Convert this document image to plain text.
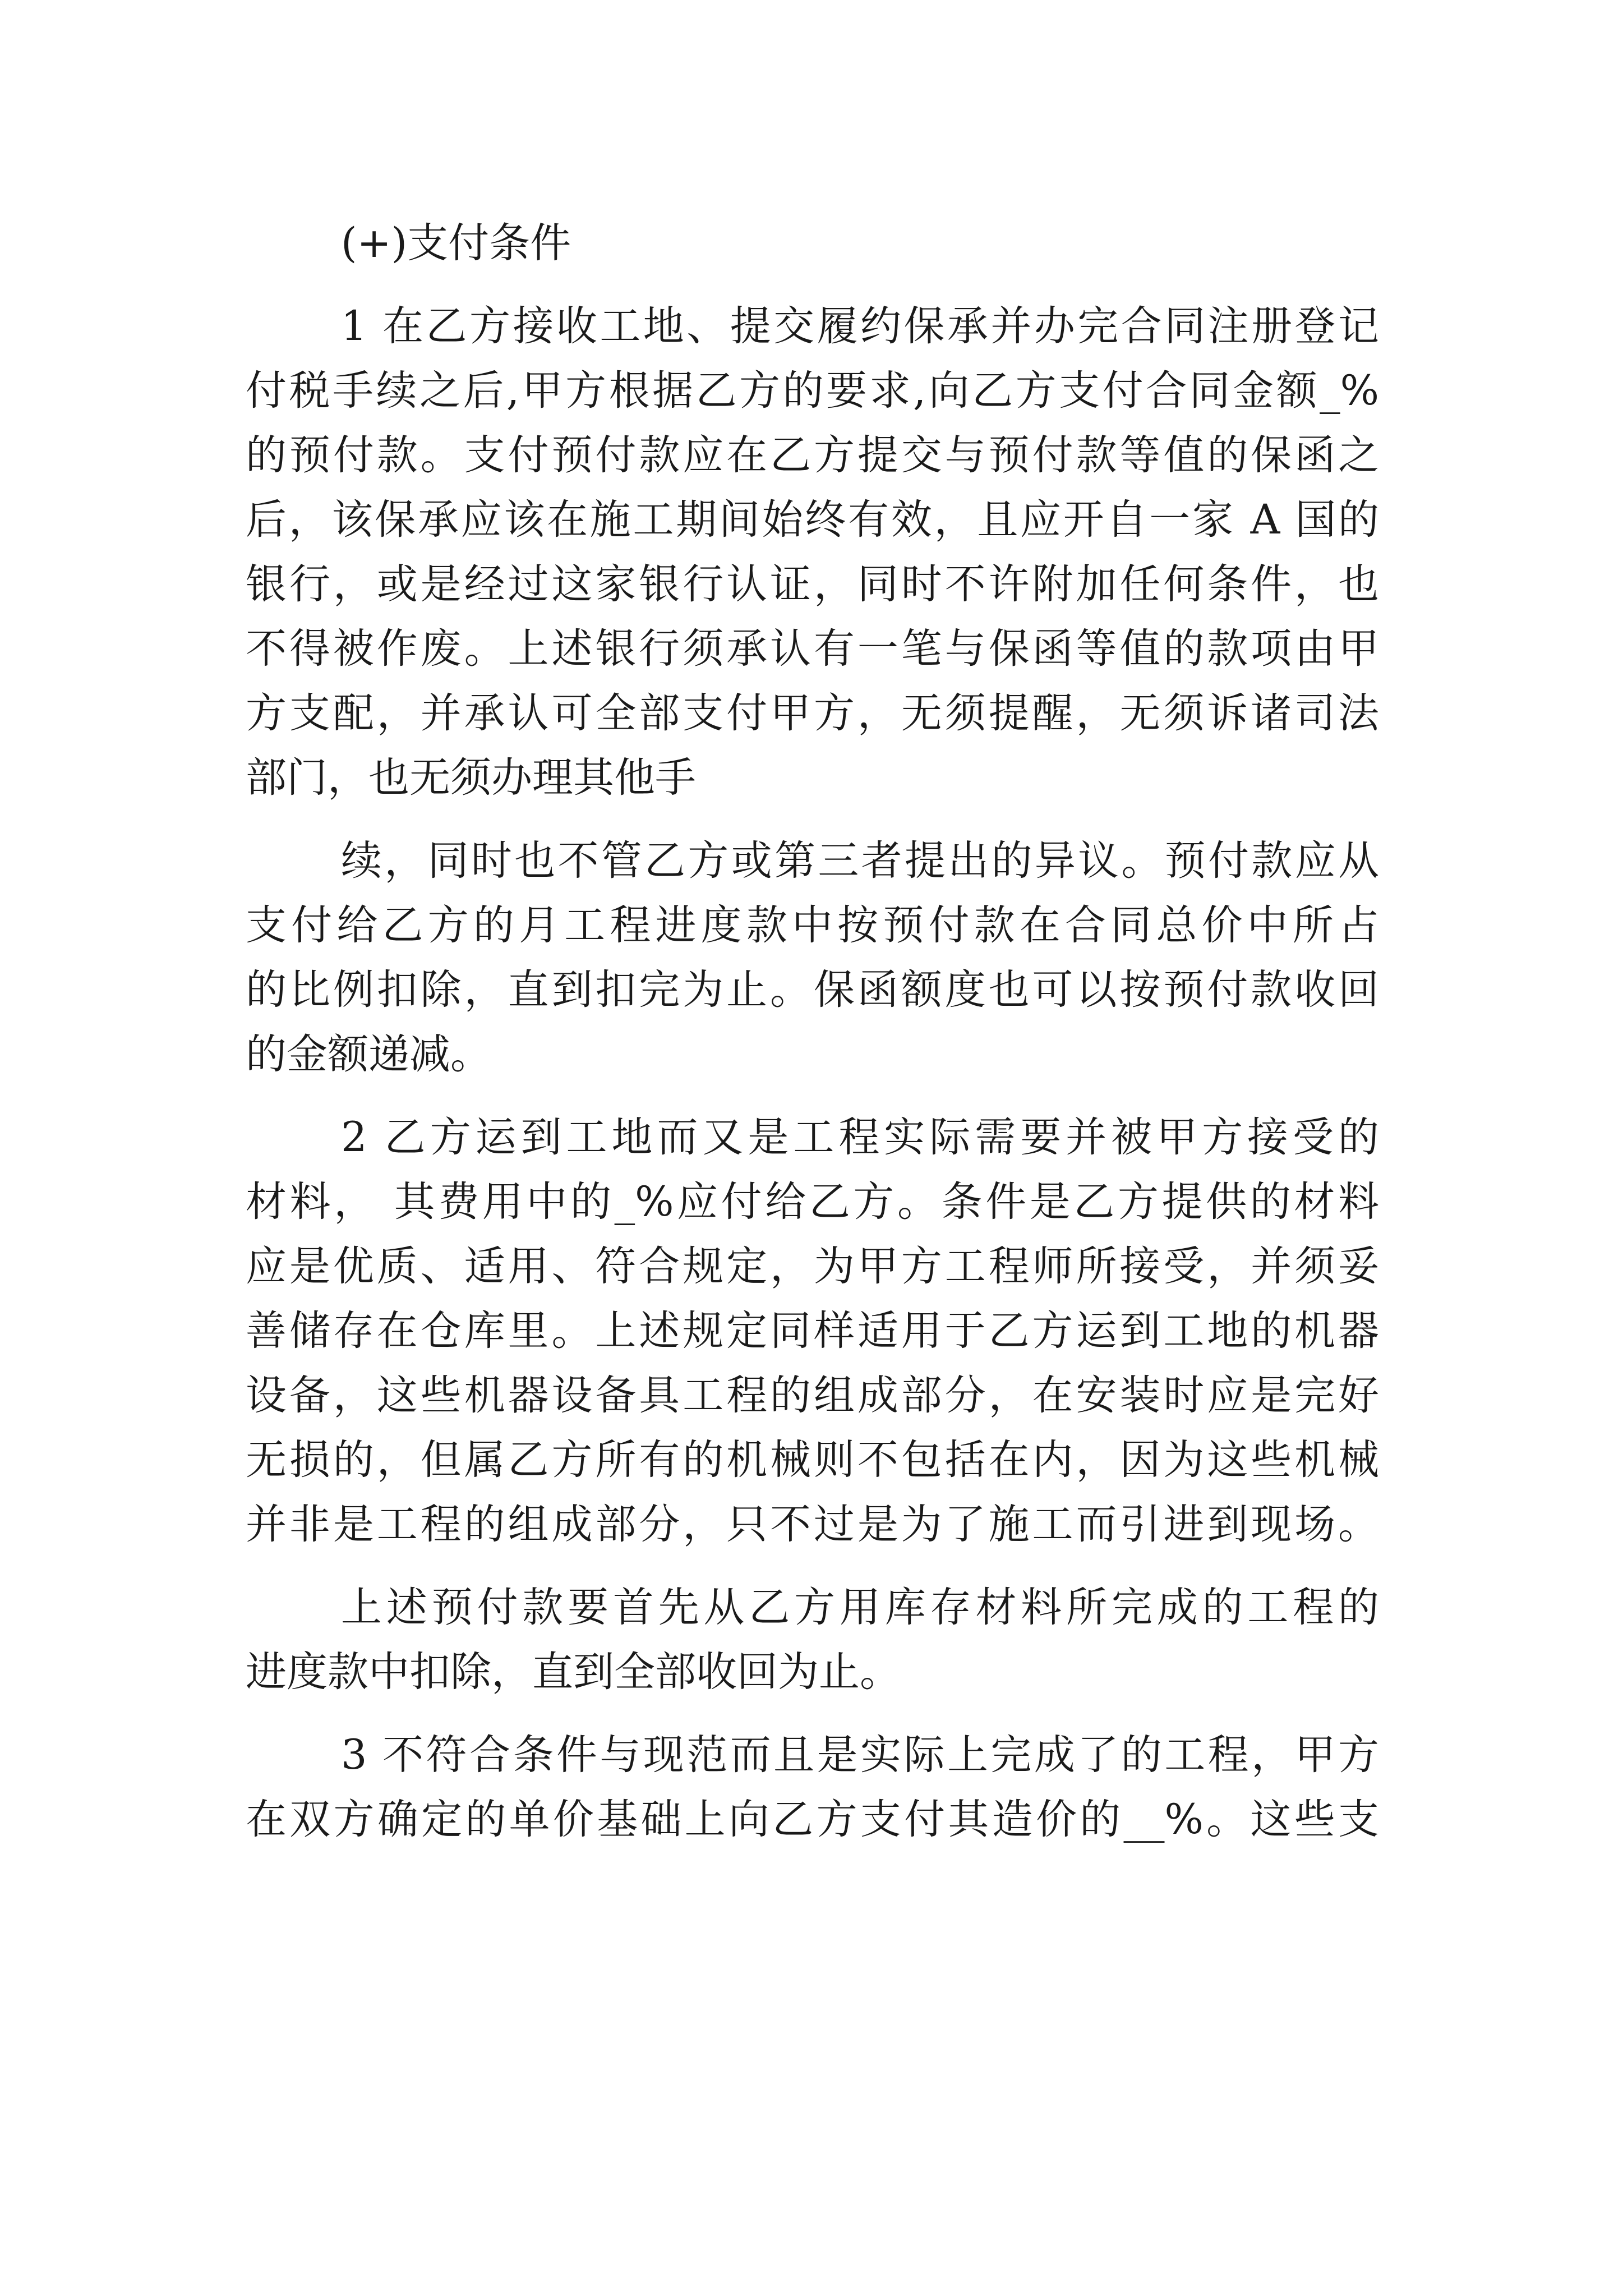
(+)支付条件

1 在乙方接收工地、提交履约保承并办完合同注册登记

付税手续之后,甲方根据乙方的要求,向乙方支付合同金额_%

的预付款。支付预付款应在乙方提交与预付款等值的保函之

后，该保承应该在施工期间始终有效，且应开自一家 A 国的

银行，或是经过这家银行认证，同时不许附加任何条件，也

不得被作废。上述银行须承认有一笔与保函等值的款项由甲

方支配，并承认可全部支付甲方，无须提醒，无须诉诸司法

部门，也无须办理其他手

续，同时也不管乙方或第三者提出的异议。预付款应从

支付给乙方的月工程进度款中按预付款在合同总价中所占

的比例扣除，直到扣完为止。保函额度也可以按预付款收回

的金额递减。

2 乙方运到工地而又是工程实际需要并被甲方接受的

材料， 其费用中的_%应付给乙方。条件是乙方提供的材料

应是优质、适用、符合规定，为甲方工程师所接受，并须妥

善储存在仓库里。上述规定同样适用于乙方运到工地的机器

设备，这些机器设备具工程的组成部分，在安装时应是完好

无损的，但属乙方所有的机械则不包括在内，因为这些机械

并非是工程的组成部分，只不过是为了施工而引进到现场。

上述预付款要首先从乙方用库存材料所完成的工程的

进度款中扣除，直到全部收回为止。

3 不符合条件与现范而且是实际上完成了的工程，甲方

在双方确定的单价基础上向乙方支付其造价的__%。这些支
